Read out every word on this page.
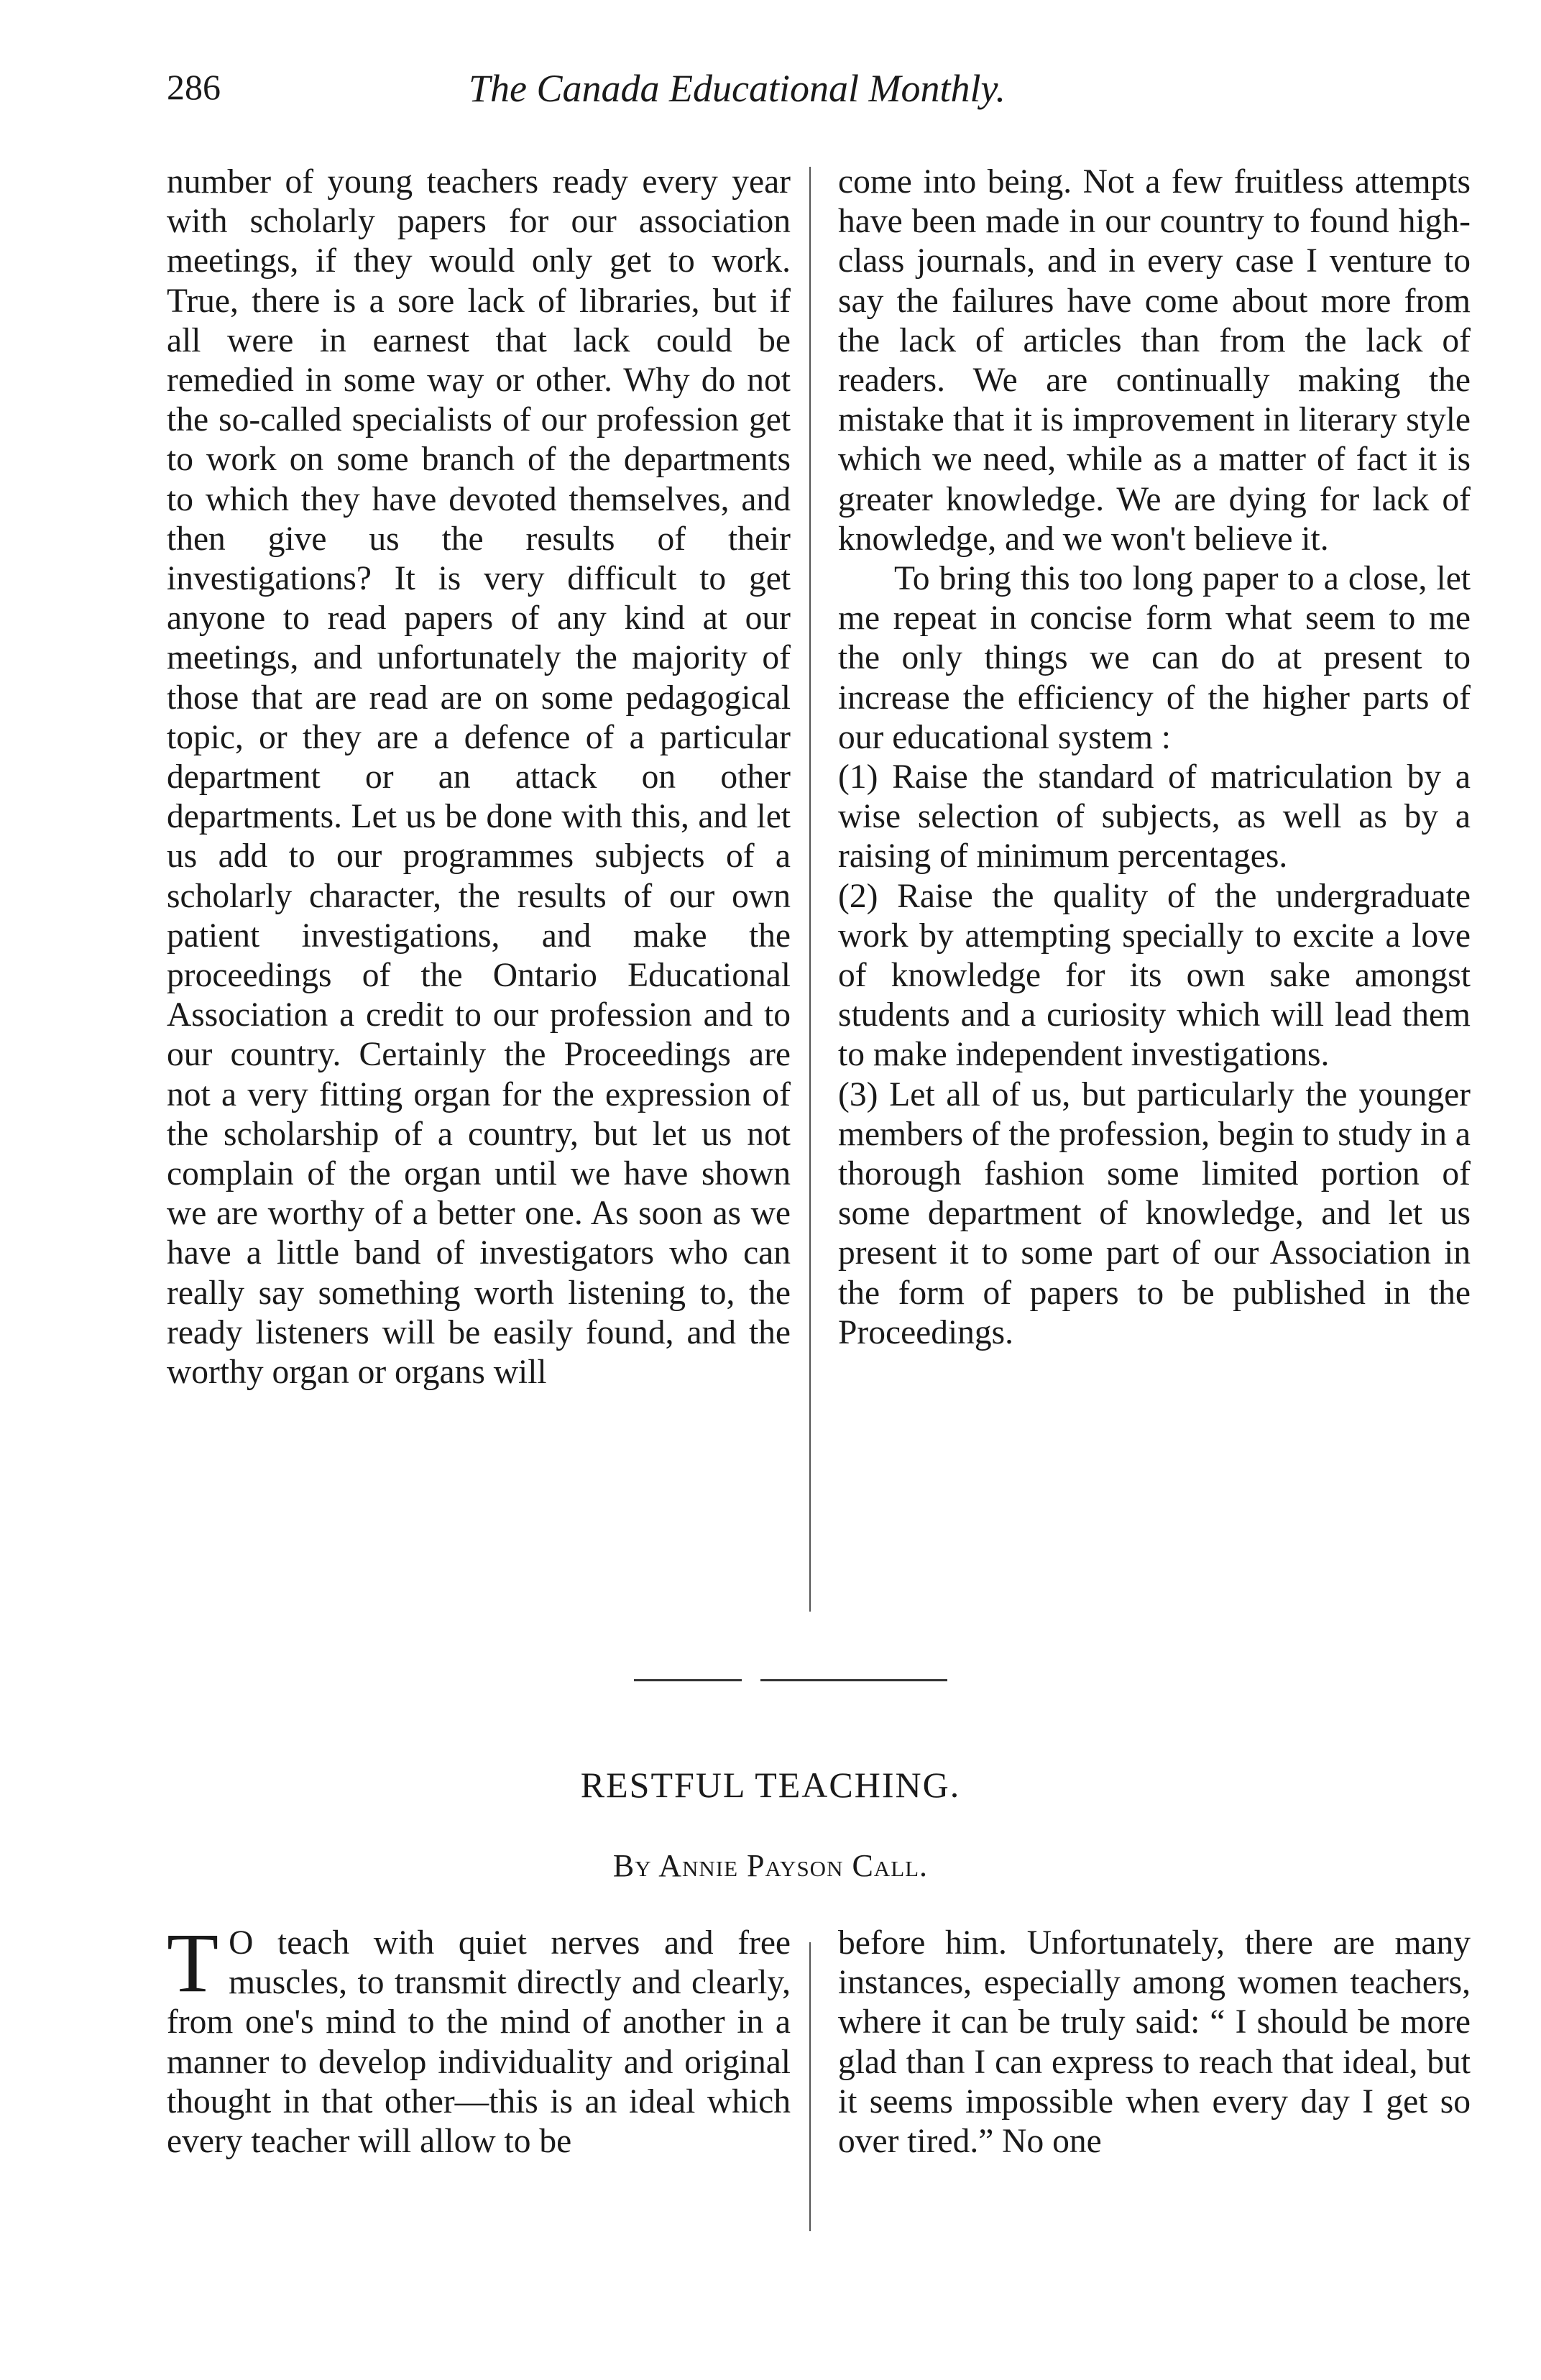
286	The Canada Educational Monthly.

number of young teachers ready every year with scholarly papers for our association meetings, if they would only get to work. True, there is a sore lack of libraries, but if all were in earnest that lack could be remedied in some way or other. Why do not the so-called specialists of our profession get to work on some branch of the departments to which they have devoted themselves, and then give us the results of their investigations? It is very difficult to get anyone to read papers of any kind at our meetings, and unfortunately the majority of those that are read are on some pedagogical topic, or they are a defence of a particular department or an attack on other departments. Let us be done with this, and let us add to our programmes subjects of a scholarly character, the results of our own patient investigations, and make the proceedings of the Ontario Educational Association a credit to our profession and to our country. Certainly the Proceedings are not a very fitting organ for the expression of the scholarship of a country, but let us not complain of the organ until we have shown we are worthy of a better one. As soon as we have a little band of investigators who can really say something worth listening to, the ready listeners will be easily found, and the worthy organ or organs will

come into being. Not a few fruitless attempts have been made in our country to found high-class journals, and in every case I venture to say the failures have come about more from the lack of articles than from the lack of readers. We are continually making the mistake that it is improvement in literary style which we need, while as a matter of fact it is greater knowledge. We are dying for lack of knowledge, and we won't believe it.

To bring this too long paper to a close, let me repeat in concise form what seem to me the only things we can do at present to increase the efficiency of the higher parts of our educational system :

(1) Raise the standard of matriculation by a wise selection of subjects, as well as by a raising of minimum percentages.

(2) Raise the quality of the undergraduate work by attempting specially to excite a love of knowledge for its own sake amongst students and a curiosity which will lead them to make independent investigations.

(3) Let all of us, but particularly the younger members of the profession, begin to study in a thorough fashion some limited portion of some department of knowledge, and let us present it to some part of our Association in the form of papers to be published in the Proceedings.

RESTFUL TEACHING.
By Annie Payson Call.

T O teach with quiet nerves and free muscles, to transmit directly and clearly, from one's mind to the mind of another in a manner to develop individuality and original thought in that other—this is an ideal which every teacher will allow to be

before him. Unfortunately, there are many instances, especially among women teachers, where it can be truly said: “ I should be more glad than I can express to reach that ideal, but it seems impossible when every day I get so over tired.” No one
